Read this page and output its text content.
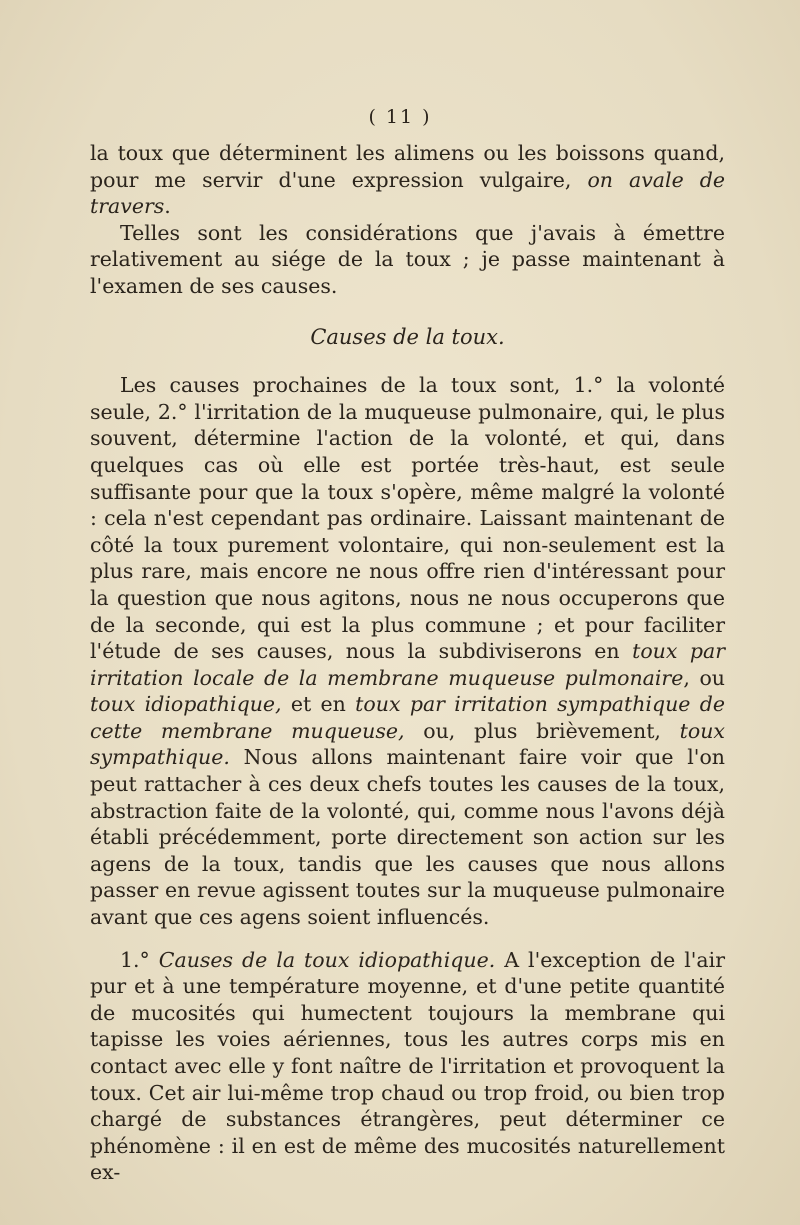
( 11 )

la toux que déterminent les alimens ou les boissons quand, pour me servir d'une expression vulgaire, on avale de travers.

Telles sont les considérations que j'avais à émettre relativement au siége de la toux ; je passe maintenant à l'examen de ses causes.

Causes de la toux.

Les causes prochaines de la toux sont, 1.° la volonté seule, 2.° l'irritation de la muqueuse pulmonaire, qui, le plus souvent, détermine l'action de la volonté, et qui, dans quelques cas où elle est portée très-haut, est seule suffisante pour que la toux s'opère, même malgré la volonté : cela n'est cependant pas ordinaire. Laissant maintenant de côté la toux purement volontaire, qui non-seulement est la plus rare, mais encore ne nous offre rien d'intéressant pour la question que nous agitons, nous ne nous occuperons que de la seconde, qui est la plus commune ; et pour faciliter l'étude de ses causes, nous la subdiviserons en toux par irritation locale de la membrane muqueuse pulmonaire, ou toux idiopathique, et en toux par irritation sympathique de cette membrane muqueuse, ou, plus brièvement, toux sympathique. Nous allons maintenant faire voir que l'on peut rattacher à ces deux chefs toutes les causes de la toux, abstraction faite de la volonté, qui, comme nous l'avons déjà établi précédemment, porte directement son action sur les agens de la toux, tandis que les causes que nous allons passer en revue agissent toutes sur la muqueuse pulmonaire avant que ces agens soient influencés.

1.° Causes de la toux idiopathique. A l'exception de l'air pur et à une température moyenne, et d'une petite quantité de mucosités qui humectent toujours la membrane qui tapisse les voies aériennes, tous les autres corps mis en contact avec elle y font naître de l'irritation et provoquent la toux. Cet air lui-même trop chaud ou trop froid, ou bien trop chargé de substances étrangères, peut déterminer ce phénomène : il en est de même des mucosités naturellement ex-
